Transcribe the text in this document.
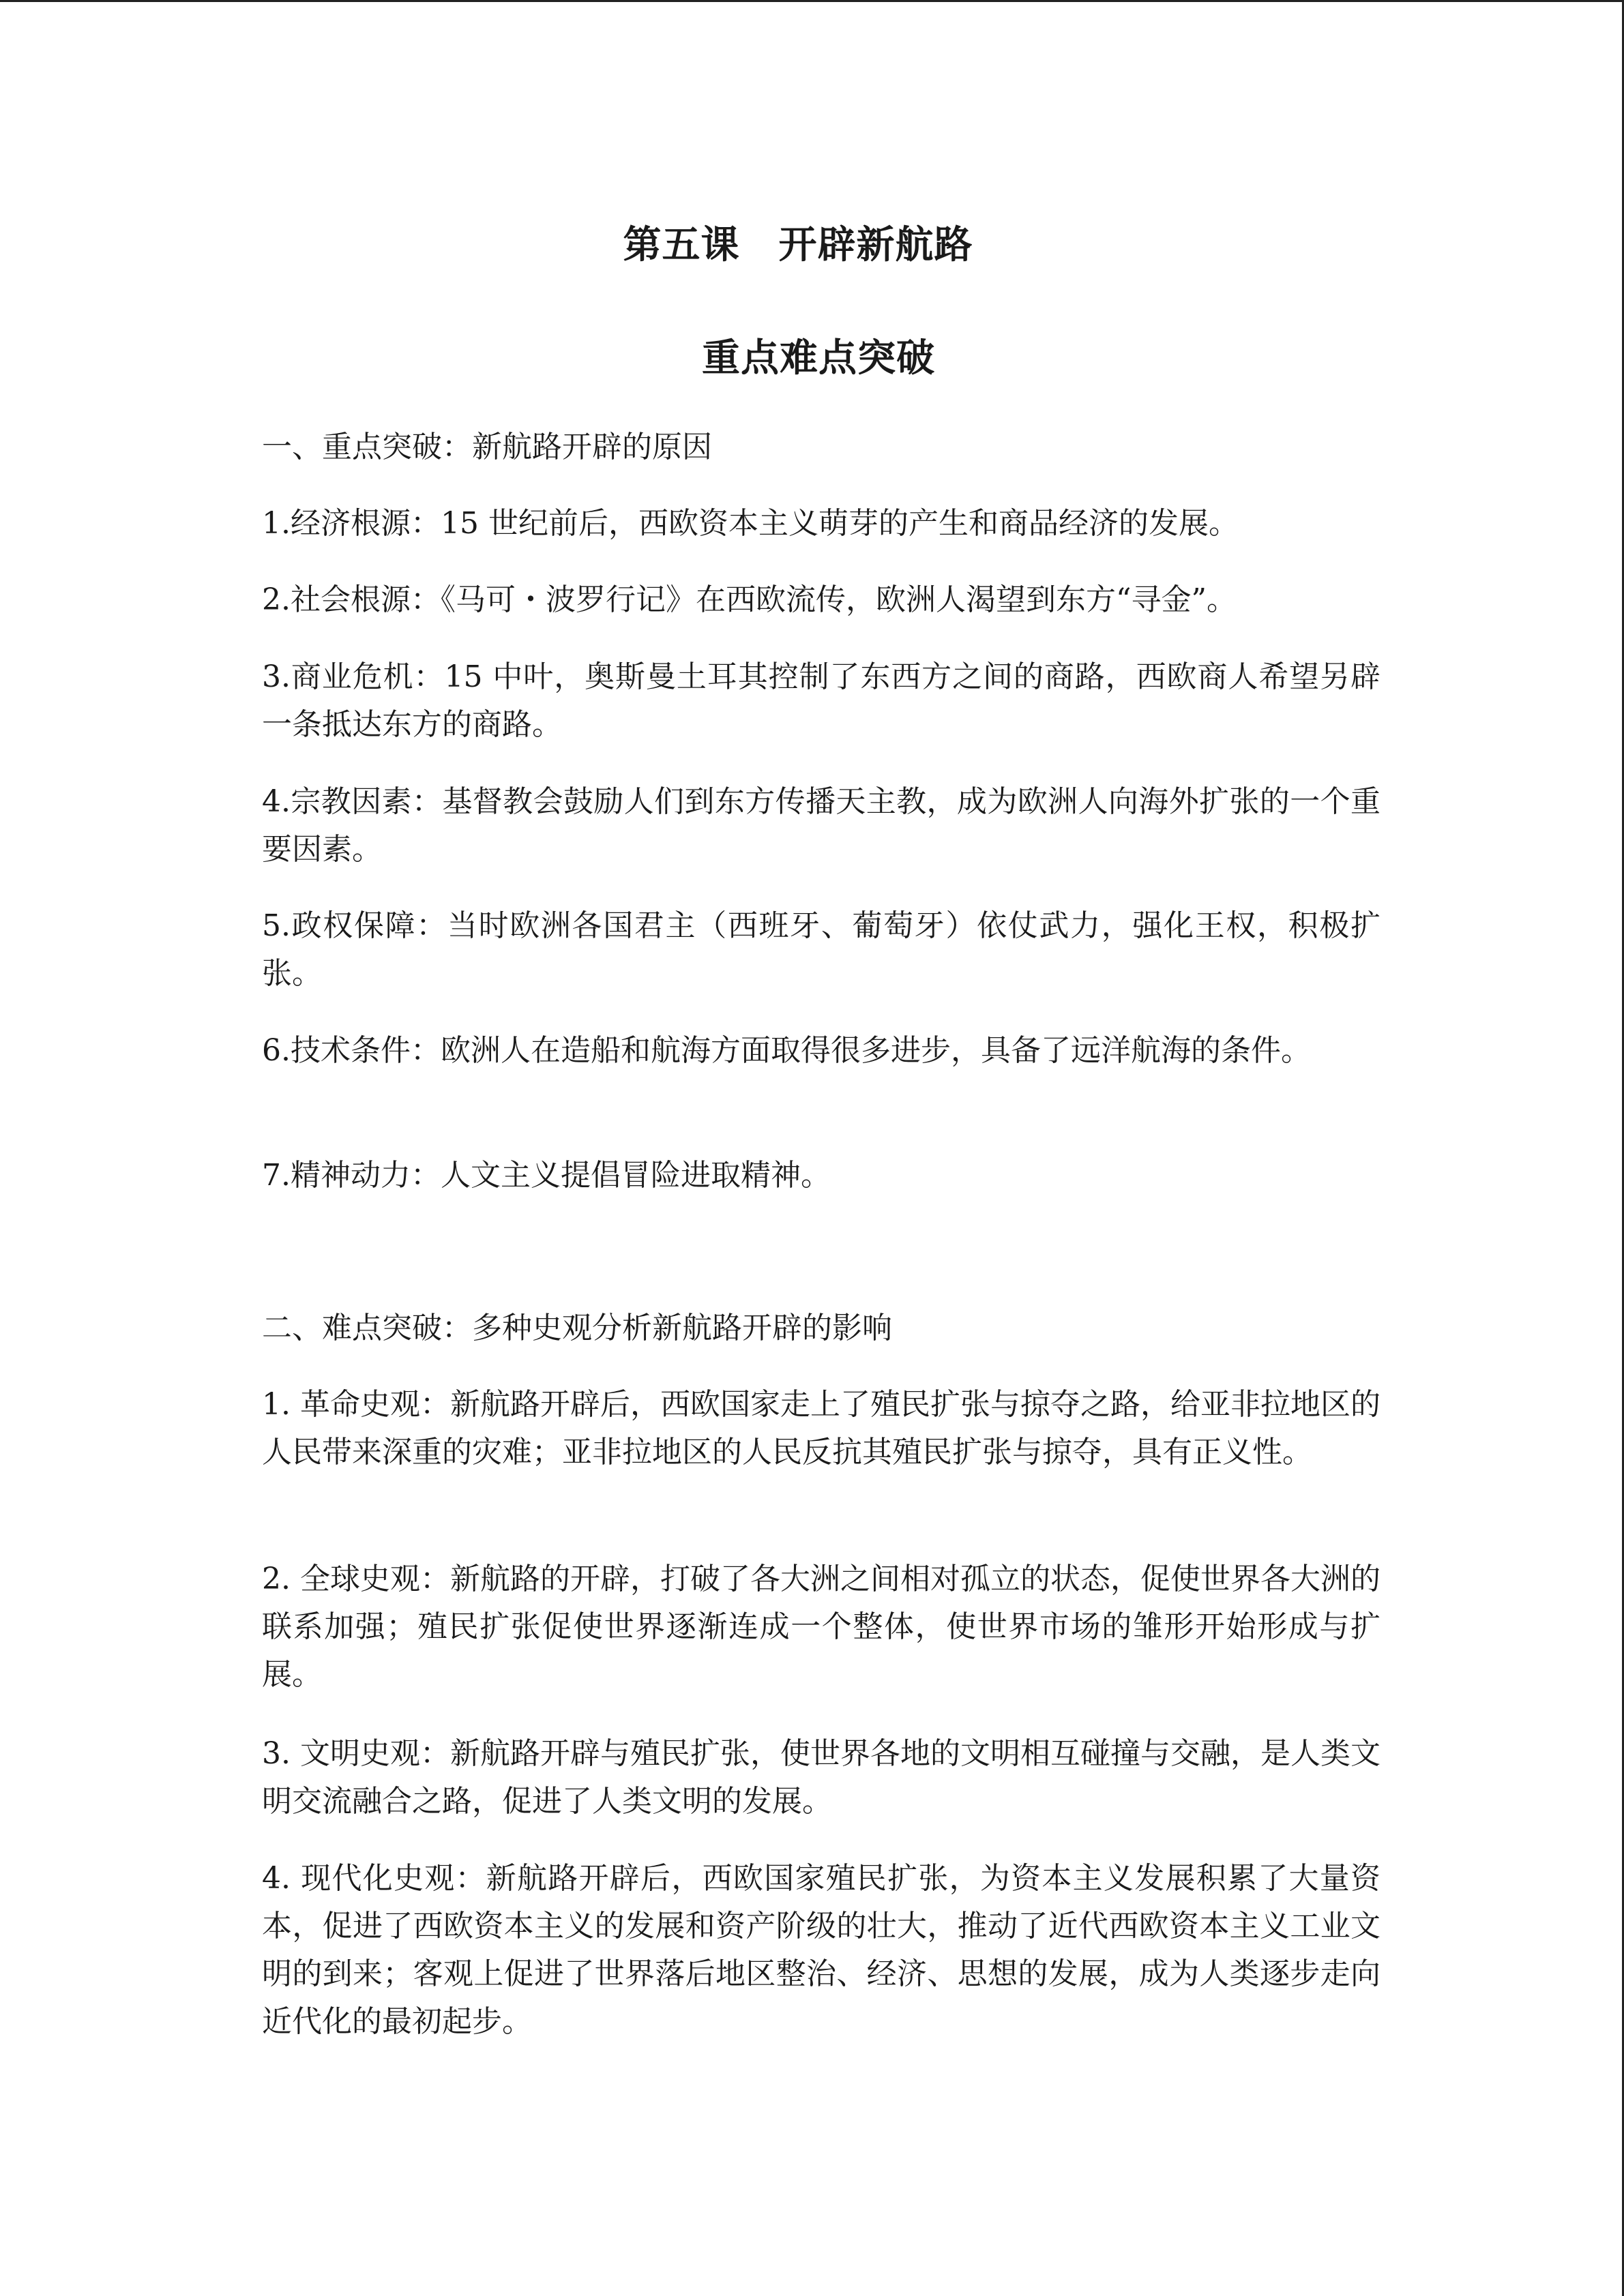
第五课　开辟新航路
重点难点突破
一、重点突破：新航路开辟的原因
1.经济根源：15 世纪前后，西欧资本主义萌芽的产生和商品经济的发展。
2.社会根源：《马可・波罗行记》在西欧流传，欧洲人渴望到东方“寻金”。
3.商业危机：15 中叶，奥斯曼土耳其控制了东西方之间的商路，西欧商人希望另辟一条抵达东方的商路。
4.宗教因素：基督教会鼓励人们到东方传播天主教，成为欧洲人向海外扩张的一个重要因素。
5.政权保障：当时欧洲各国君主（西班牙、葡萄牙）依仗武力，强化王权，积极扩张。
6.技术条件：欧洲人在造船和航海方面取得很多进步，具备了远洋航海的条件。
7.精神动力：人文主义提倡冒险进取精神。
二、难点突破：多种史观分析新航路开辟的影响
1. 革命史观：新航路开辟后，西欧国家走上了殖民扩张与掠夺之路，给亚非拉地区的人民带来深重的灾难；亚非拉地区的人民反抗其殖民扩张与掠夺，具有正义性。
2. 全球史观：新航路的开辟，打破了各大洲之间相对孤立的状态，促使世界各大洲的联系加强；殖民扩张促使世界逐渐连成一个整体，使世界市场的雏形开始形成与扩展。
3. 文明史观：新航路开辟与殖民扩张，使世界各地的文明相互碰撞与交融，是人类文明交流融合之路，促进了人类文明的发展。
4. 现代化史观：新航路开辟后，西欧国家殖民扩张，为资本主义发展积累了大量资本，促进了西欧资本主义的发展和资产阶级的壮大，推动了近代西欧资本主义工业文明的到来；客观上促进了世界落后地区整治、经济、思想的发展，成为人类逐步走向近代化的最初起步。
